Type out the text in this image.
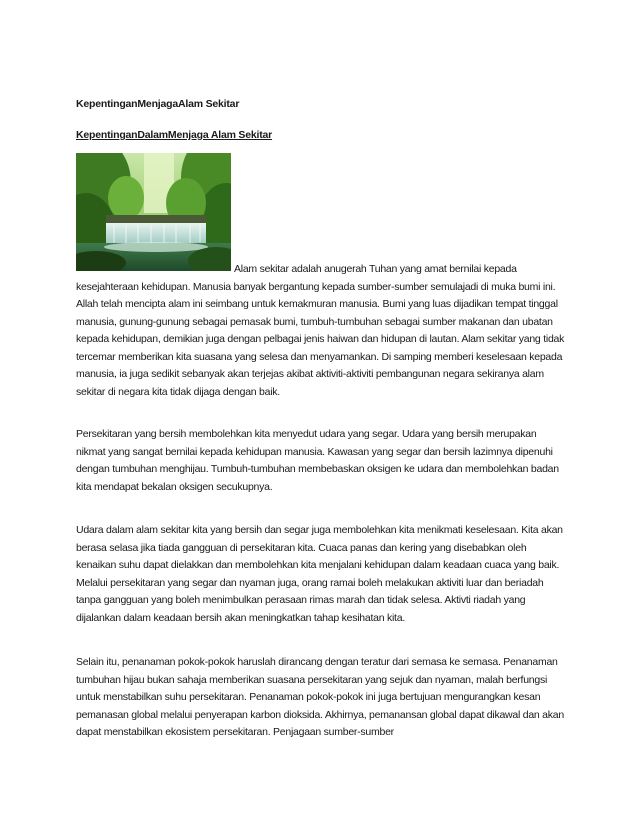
KepentinganMenjagaAlam Sekitar
KepentinganDalamMenjaga Alam Sekitar

Alam sekitar adalah anugerah Tuhan yang amat bernilai kepada kesejahteraan kehidupan. Manusia banyak bergantung kepada sumber-sumber semulajadi di muka bumi ini. Allah telah mencipta alam ini seimbang untuk kemakmuran manusia. Bumi yang luas dijadikan tempat tinggal manusia, gunung-gunung sebagai pemasak bumi, tumbuh-tumbuhan sebagai sumber makanan dan ubatan kepada kehidupan, demikian juga dengan pelbagai jenis haiwan dan hidupan di lautan. Alam sekitar yang tidak tercemar memberikan kita suasana yang selesa dan menyamankan. Di samping memberi keselesaan kepada manusia, ia juga sedikit sebanyak akan terjejas akibat aktiviti-aktiviti pembangunan negara sekiranya alam sekitar di negara kita tidak dijaga dengan baik.

Persekitaran yang bersih membolehkan kita menyedut udara yang segar. Udara yang bersih merupakan nikmat yang sangat bernilai kepada kehidupan manusia. Kawasan yang segar dan bersih lazimnya dipenuhi dengan tumbuhan menghijau. Tumbuh-tumbuhan membebaskan oksigen ke udara dan membolehkan badan kita mendapat bekalan oksigen secukupnya.

Udara dalam alam sekitar kita yang bersih dan segar juga membolehkan kita menikmati keselesaan. Kita akan berasa selasa jika tiada gangguan di persekitaran kita. Cuaca panas dan kering yang disebabkan oleh kenaikan suhu dapat dielakkan dan membolehkan kita menjalani kehidupan dalam keadaan cuaca yang baik. Melalui persekitaran yang segar dan nyaman juga, orang ramai boleh melakukan aktiviti luar dan beriadah tanpa gangguan yang boleh menimbulkan perasaan rimas marah dan tidak selesa. Aktivti riadah yang dijalankan dalam keadaan bersih akan meningkatkan tahap kesihatan kita.

Selain itu, penanaman pokok-pokok haruslah dirancang dengan teratur dari semasa ke semasa. Penanaman tumbuhan hijau bukan sahaja memberikan suasana persekitaran yang sejuk dan nyaman, malah berfungsi untuk menstabilkan suhu persekitaran. Penanaman pokok-pokok ini juga bertujuan mengurangkan kesan pemanasan global melalui penyerapan karbon dioksida. Akhirnya, pemanansan global dapat dikawal dan akan dapat menstabilkan ekosistem persekitaran. Penjagaan sumber-sumber
